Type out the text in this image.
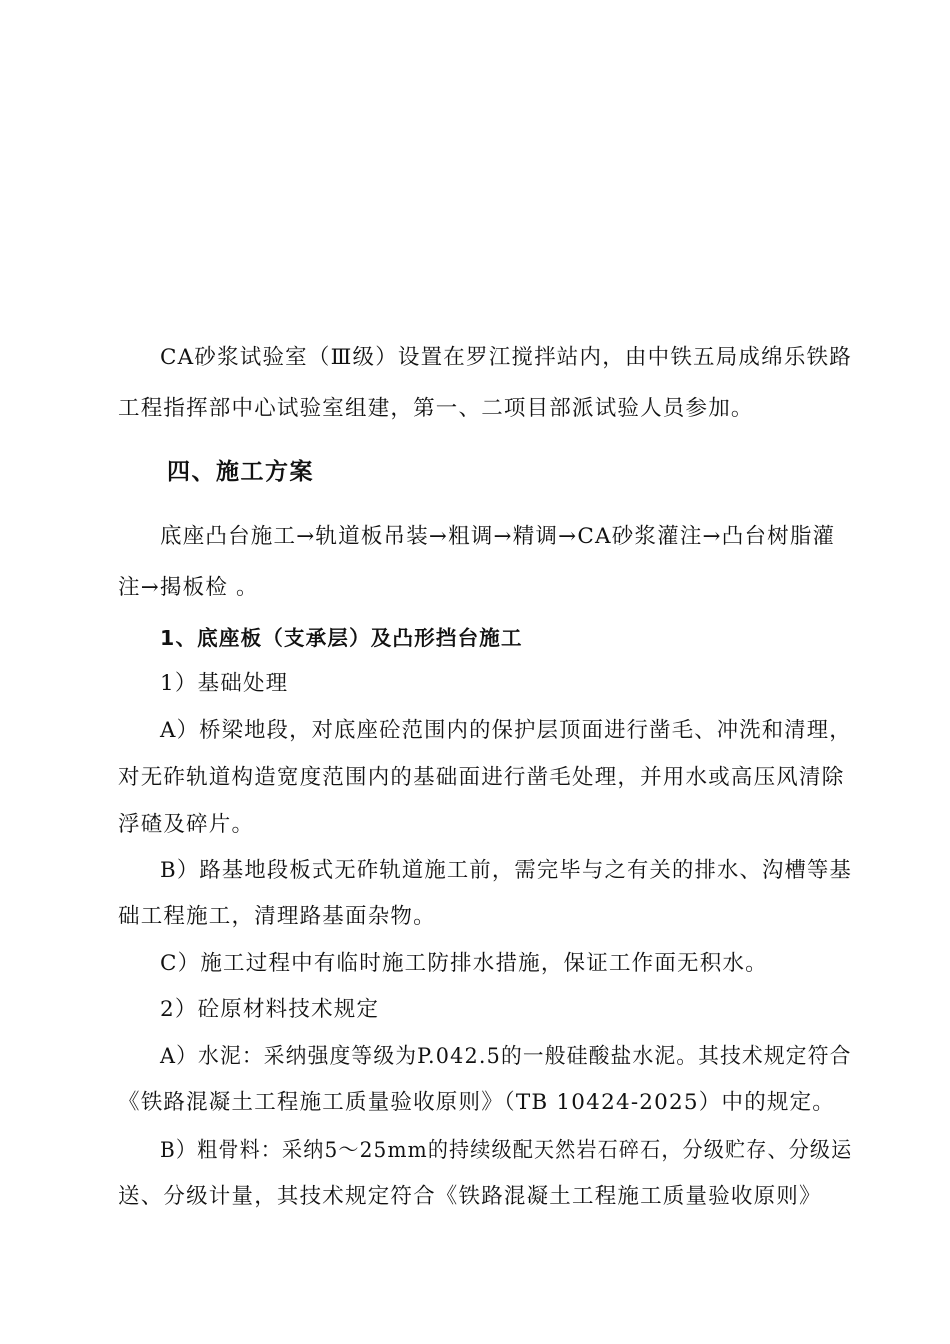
CA砂浆试验室（Ⅲ级）设置在罗江搅拌站内，由中铁五局成绵乐铁路
工程指挥部中心试验室组建，第一、二项目部派试验人员参加。
四、施工方案
底座凸台施工→轨道板吊装→粗调→精调→CA砂浆灌注→凸台树脂灌
注→揭板检 。
1、底座板（支承层）及凸形挡台施工
1）基础处理
A）桥梁地段，对底座砼范围内的保护层顶面进行凿毛、冲洗和清理，
对无砟轨道构造宽度范围内的基础面进行凿毛处理，并用水或高压风清除
浮碴及碎片。
B）路基地段板式无砟轨道施工前，需完毕与之有关的排水、沟槽等基
础工程施工，清理路基面杂物。
C）施工过程中有临时施工防排水措施，保证工作面无积水。
2）砼原材料技术规定
A）水泥：采纳强度等级为P.042.5的一般硅酸盐水泥。其技术规定符合
《铁路混凝土工程施工质量验收原则》（TB 10424-2025）中的规定。
B）粗骨料：采纳5～25mm的持续级配天然岩石碎石，分级贮存、分级运
送、分级计量，其技术规定符合《铁路混凝土工程施工质量验收原则》
